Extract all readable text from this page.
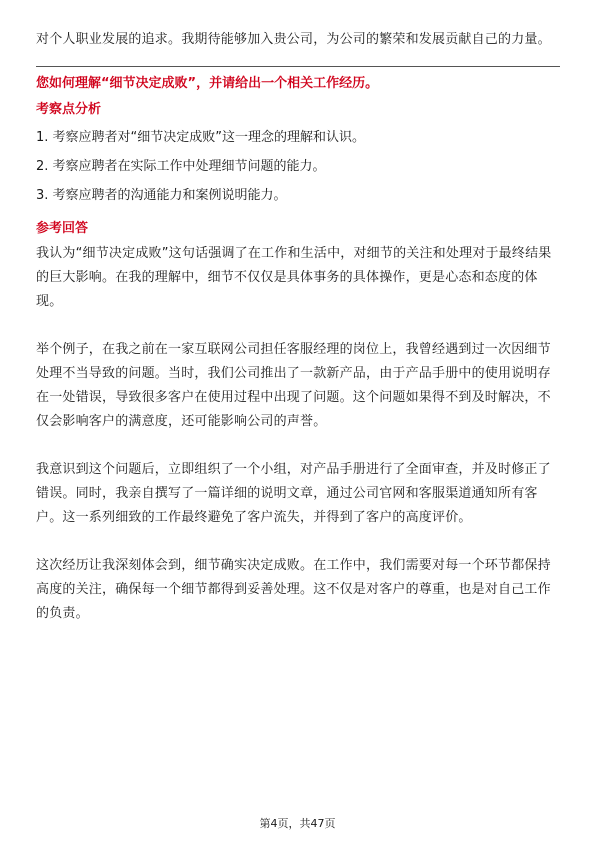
对个人职业发展的追求。我期待能够加入贵公司，为公司的繁荣和发展贡献自己的力量。

您如何理解“细节决定成败”，并请给出一个相关工作经历。

考察点分析
1. 考察应聘者对“细节决定成败”这一理念的理解和认识。
2. 考察应聘者在实际工作中处理细节问题的能力。
3. 考察应聘者的沟通能力和案例说明能力。
参考回答

我认为“细节决定成败”这句话强调了在工作和生活中，对细节的关注和处理对于最终结果的巨大影响。在我的理解中，细节不仅仅是具体事务的具体操作，更是心态和态度的体现。

举个例子，在我之前在一家互联网公司担任客服经理的岗位上，我曾经遇到过一次因细节处理不当导致的问题。当时，我们公司推出了一款新产品，由于产品手册中的使用说明存在一处错误，导致很多客户在使用过程中出现了问题。这个问题如果得不到及时解决，不仅会影响客户的满意度，还可能影响公司的声誉。

我意识到这个问题后，立即组织了一个小组，对产品手册进行了全面审查，并及时修正了错误。同时，我亲自撰写了一篇详细的说明文章，通过公司官网和客服渠道通知所有客户。这一系列细致的工作最终避免了客户流失，并得到了客户的高度评价。

这次经历让我深刻体会到，细节确实决定成败。在工作中，我们需要对每一个环节都保持高度的关注，确保每一个细节都得到妥善处理。这不仅是对客户的尊重，也是对自己工作的负责。

第4页，共47页
